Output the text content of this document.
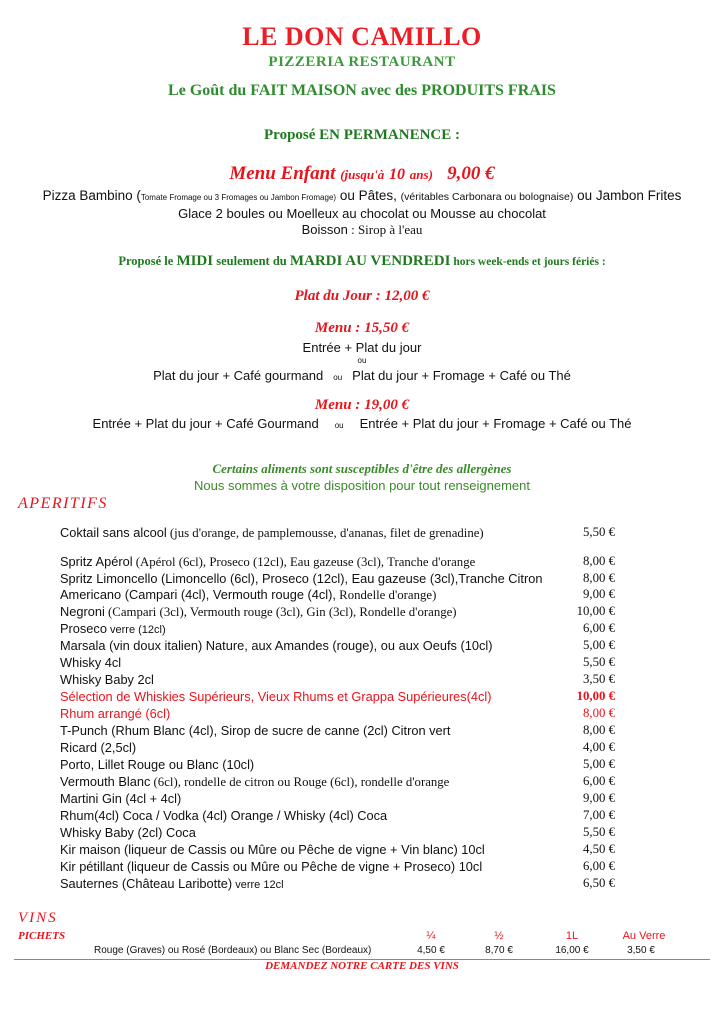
LE DON CAMILLO
PIZZERIA RESTAURANT
Le Goût du FAIT MAISON avec des PRODUITS FRAIS
Proposé EN PERMANENCE :
Menu Enfant (jusqu'à 10 ans) 9,00 €
Pizza Bambino (Tomate Fromage ou 3 Fromages ou Jambon Fromage) ou Pâtes, (véritables Carbonara ou bolognaise) ou Jambon Frites
Glace 2 boules ou Moelleux au chocolat ou Mousse au chocolat
Boisson : Sirop à l'eau
Proposé le MIDI seulement du MARDI AU VENDREDI hors week-ends et jours fériés :
Plat du Jour : 12,00 €
Menu : 15,50 €
Entrée + Plat du jour
ou
Plat du jour + Café gourmand ou Plat du jour + Fromage + Café ou Thé
Menu : 19,00 €
Entrée + Plat du jour + Café Gourmand ou Entrée + Plat du jour + Fromage + Café ou Thé
Certains aliments sont susceptibles d'être des allergènes
Nous sommes à votre disposition pour tout renseignement
APERITIFS
Coktail sans alcool (jus d'orange, de pamplemousse, d'ananas, filet de grenadine)	5,50 €
Spritz Apérol (Apérol (6cl), Proseco (12cl), Eau gazeuse (3cl), Tranche d'orange	8,00 €
Spritz Limoncello (Limoncello (6cl), Proseco (12cl), Eau gazeuse (3cl),Tranche Citron	8,00 €
Americano (Campari (4cl), Vermouth rouge (4cl), Rondelle d'orange)	9,00 €
Negroni (Campari (3cl), Vermouth rouge (3cl), Gin (3cl), Rondelle d'orange)	10,00 €
Proseco verre (12cl)	6,00 €
Marsala (vin doux italien) Nature, aux Amandes (rouge), ou aux Oeufs (10cl)	5,00 €
Whisky 4cl	5,50 €
Whisky Baby 2cl	3,50 €
Sélection de Whiskies Supérieurs, Vieux Rhums et Grappa Supérieures(4cl)	10,00 €
Rhum arrangé (6cl)	8,00 €
T-Punch (Rhum Blanc (4cl), Sirop de sucre de canne (2cl) Citron vert	8,00 €
Ricard (2,5cl)	4,00 €
Porto, Lillet Rouge ou Blanc (10cl)	5,00 €
Vermouth Blanc (6cl), rondelle de citron ou Rouge (6cl), rondelle d'orange	6,00 €
Martini Gin (4cl + 4cl)	9,00 €
Rhum(4cl) Coca / Vodka (4cl) Orange / Whisky (4cl) Coca	7,00 €
Whisky Baby (2cl) Coca	5,50 €
Kir maison (liqueur de Cassis ou Mûre ou Pêche de vigne + Vin blanc) 10cl	4,50 €
Kir pétillant (liqueur de Cassis ou Mûre ou Pêche de vigne + Proseco) 10cl	6,00 €
Sauternes (Château Laribotte) verre 12cl	6,50 €
VINS
PICHETS	¼	½	1L	Au Verre
Rouge (Graves) ou Rosé (Bordeaux) ou Blanc Sec (Bordeaux)	4,50 €	8,70 €	16,00 €	3,50 €
DEMANDEZ NOTRE CARTE DES VINS
